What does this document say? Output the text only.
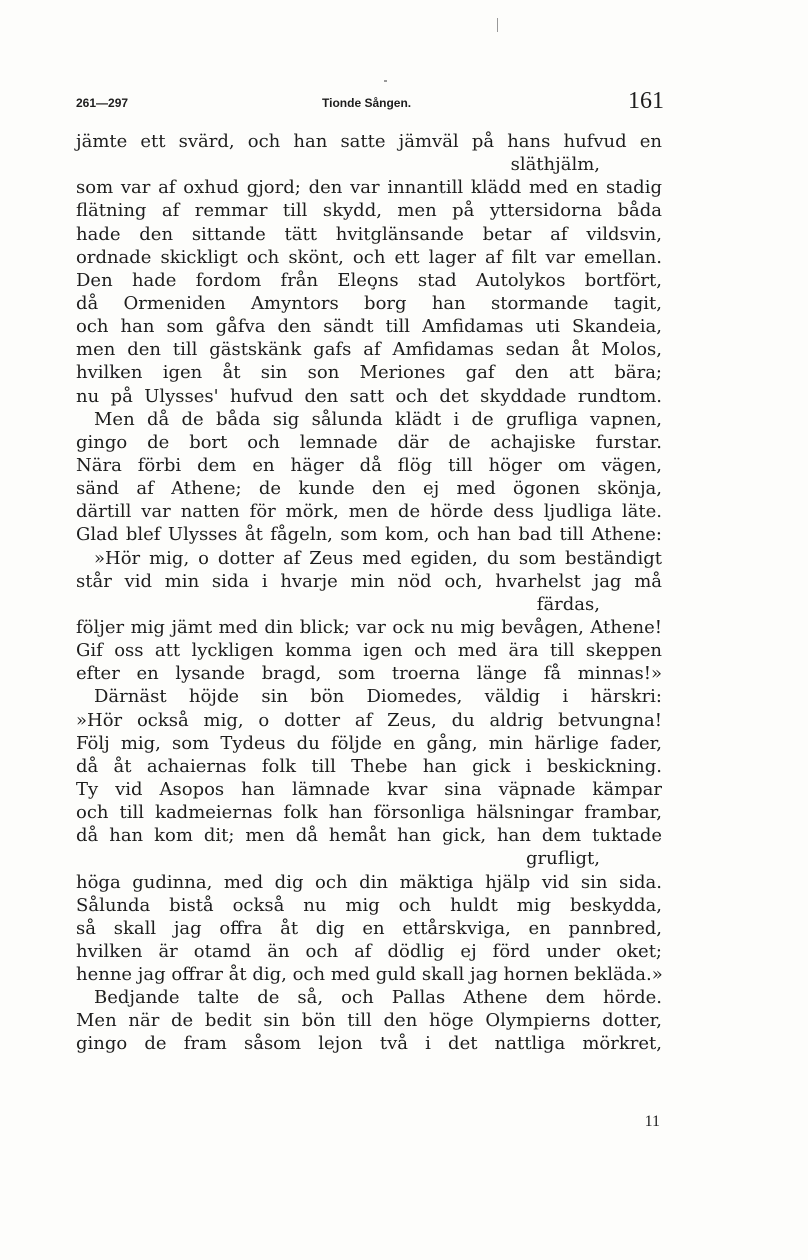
261—297	Tionde Sången.	161
jämte ett svärd, och han satte jämväl på hans hufvud en
släthjälm,
som var af oxhud gjord; den var innantill klädd med en stadig
flätning af remmar till skydd, men på yttersidorna båda
hade den sittande tätt hvitglänsande betar af vildsvin,
ordnade skickligt och skönt, och ett lager af filt var emellan.
Den hade fordom från Eleo̧ns stad Autolykos bortfört,
då Ormeniden Amyntors borg han stormande tagit,
och han som gåfva den sändt till Amfidamas uti Skandeia,
men den till gästskänk gafs af Amfidamas sedan åt Molos,
hvilken igen åt sin son Meriones gaf den att bära;
nu på Ulysses' hufvud den satt och det skyddade rundtom.
Men då de båda sig sålunda klädt i de grufliga vapnen,
gingo de bort och lemnade där de achajiske furstar.
Nära förbi dem en häger då flög till höger om vägen,
sänd af Athene; de kunde den ej med ögonen skönja,
därtill var natten för mörk, men de hörde dess ljudliga läte.
Glad blef Ulysses åt fågeln, som kom, och han bad till Athene:
»Hör mig, o dotter af Zeus med egiden, du som beständigt
står vid min sida i hvarje min nöd och, hvarhelst jag må
färdas,
följer mig jämt med din blick; var ock nu mig bevågen, Athene!
Gif oss att lyckligen komma igen och med ära till skeppen
efter en lysande bragd, som troerna länge få minnas!»
Därnäst höjde sin bön Diomedes, väldig i härskri:
»Hör också mig, o dotter af Zeus, du aldrig betvungna!
Följ mig, som Tydeus du följde en gång, min härlige fader,
då åt achaiernas folk till Thebe han gick i beskickning.
Ty vid Asopos han lämnade kvar sina väpnade kämpar
och till kadmeiernas folk han försonliga hälsningar frambar,
då han kom dit; men då hemåt han gick, han dem tuktade
grufligt,
höga gudinna, med dig och din mäktiga hjälp vid sin sida.
Sålunda bistå också nu mig och huldt mig beskydda,
så skall jag offra åt dig en ettårskviga, en pannbred,
hvilken är otamd än och af dödlig ej förd under oket;
henne jag offrar åt dig, och med guld skall jag hornen bekläda.»
Bedjande talte de så, och Pallas Athene dem hörde.
Men när de bedit sin bön till den höge Olympierns dotter,
gingo de fram såsom lejon två i det nattliga mörkret,
11
